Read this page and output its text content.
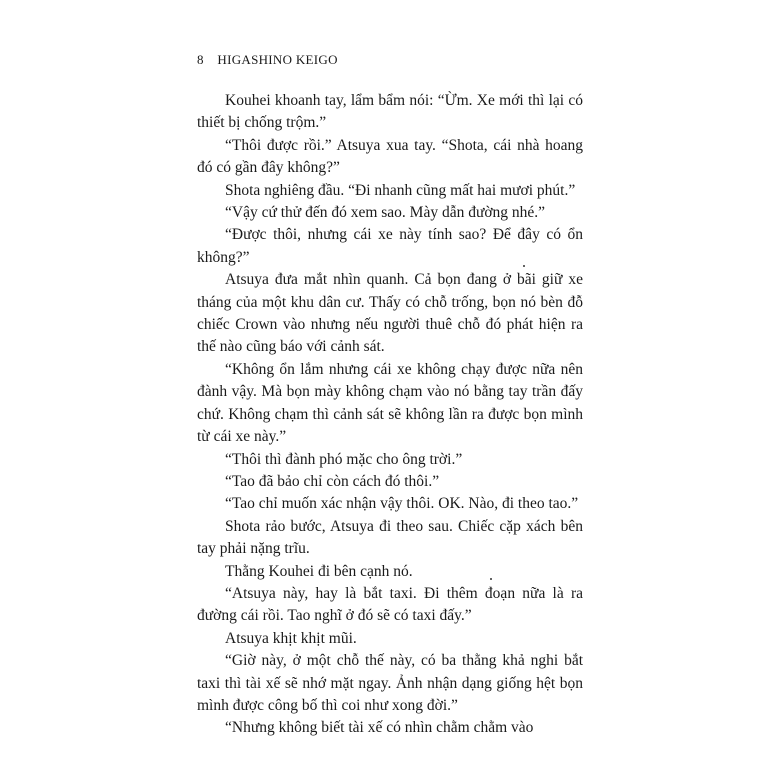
8 HIGASHINO KEIGO

Kouhei khoanh tay, lẩm bẩm nói: “Ừm. Xe mới thì lại có thiết bị chống trộm.”

“Thôi được rồi.” Atsuya xua tay. “Shota, cái nhà hoang đó có gần đây không?”

Shota nghiêng đầu. “Đi nhanh cũng mất hai mươi phút.”

“Vậy cứ thử đến đó xem sao. Mày dẫn đường nhé.”

“Được thôi, nhưng cái xe này tính sao? Để đây có ổn không?”

Atsuya đưa mắt nhìn quanh. Cả bọn đang ở bãi giữ xe tháng của một khu dân cư. Thấy có chỗ trống, bọn nó bèn đỗ chiếc Crown vào nhưng nếu người thuê chỗ đó phát hiện ra thế nào cũng báo với cảnh sát.

“Không ổn lắm nhưng cái xe không chạy được nữa nên đành vậy. Mà bọn mày không chạm vào nó bằng tay trần đấy chứ. Không chạm thì cảnh sát sẽ không lần ra được bọn mình từ cái xe này.”

“Thôi thì đành phó mặc cho ông trời.”

“Tao đã bảo chỉ còn cách đó thôi.”

“Tao chỉ muốn xác nhận vậy thôi. OK. Nào, đi theo tao.”

Shota rảo bước, Atsuya đi theo sau. Chiếc cặp xách bên tay phải nặng trĩu.

Thằng Kouhei đi bên cạnh nó.

“Atsuya này, hay là bắt taxi. Đi thêm đoạn nữa là ra đường cái rồi. Tao nghĩ ở đó sẽ có taxi đấy.”

Atsuya khịt khịt mũi.

“Giờ này, ở một chỗ thế này, có ba thằng khả nghi bắt taxi thì tài xế sẽ nhớ mặt ngay. Ảnh nhận dạng giống hệt bọn mình được công bố thì coi như xong đời.”

“Nhưng không biết tài xế có nhìn chằm chằm vào
